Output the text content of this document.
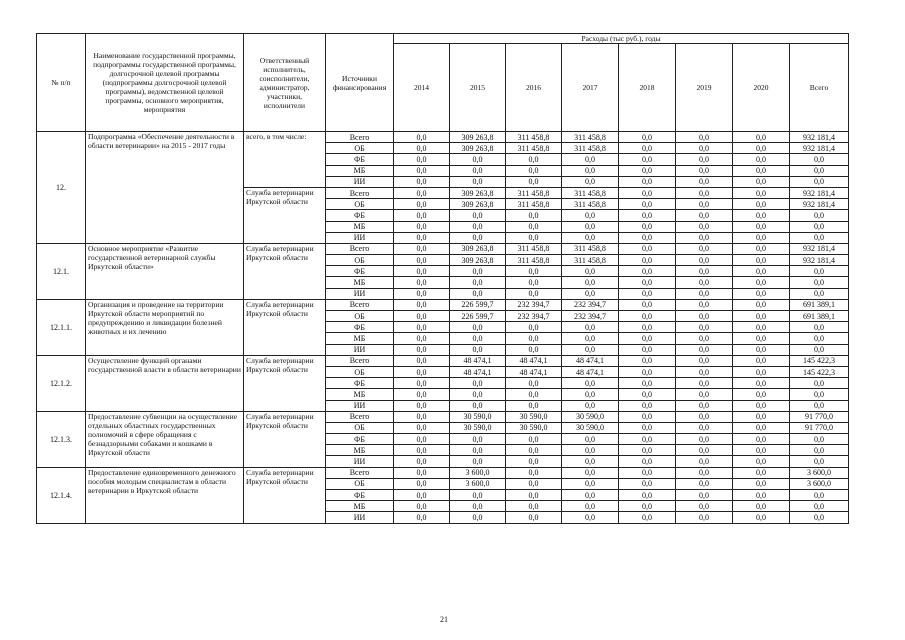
№ п/п	Наименование государственной программы, подпрограммы государственной программы, долгосрочной целевой программы (подпрограммы долгосрочной целевой программы), ведомственной целевой программы, основного мероприятия, мероприятия	Ответственный исполнитель, соисполнители, администратор, участники, исполнители	Источники финансирования	Расходы (тыс руб.), годы							
				2014	2015	2016	2017	2018	2019	2020	Всего
12.	Подпрограмма «Обеспечение деятельности в области ветеринарии» на 2015 - 2017 годы	всего, в том числе:	Всего	0,0	309 263,8	311 458,8	311 458,8	0,0	0,0	0,0	932 181,4
			ОБ	0,0	309 263,8	311 458,8	311 458,8	0,0	0,0	0,0	932 181,4
			ФБ	0,0	0,0	0,0	0,0	0,0	0,0	0,0	0,0
			МБ	0,0	0,0	0,0	0,0	0,0	0,0	0,0	0,0
			ИИ	0,0	0,0	0,0	0,0	0,0	0,0	0,0	0,0
		Служба ветеринарии Иркутской области	Всего	0,0	309 263,8	311 458,8	311 458,8	0,0	0,0	0,0	932 181,4
			ОБ	0,0	309 263,8	311 458,8	311 458,8	0,0	0,0	0,0	932 181,4
			ФБ	0,0	0,0	0,0	0,0	0,0	0,0	0,0	0,0
			МБ	0,0	0,0	0,0	0,0	0,0	0,0	0,0	0,0
			ИИ	0,0	0,0	0,0	0,0	0,0	0,0	0,0	0,0
12.1.	Основное мероприятие «Развитие государственной ветеринарной службы Иркутской области»	Служба ветеринарии Иркутской области	Всего	0,0	309 263,8	311 458,8	311 458,8	0,0	0,0	0,0	932 181,4
			ОБ	0,0	309 263,8	311 458,8	311 458,8	0,0	0,0	0,0	932 181,4
			ФБ	0,0	0,0	0,0	0,0	0,0	0,0	0,0	0,0
			МБ	0,0	0,0	0,0	0,0	0,0	0,0	0,0	0,0
			ИИ	0,0	0,0	0,0	0,0	0,0	0,0	0,0	0,0
12.1.1.	Организация и проведение на территории Иркутской области мероприятий по предупреждению и ликвидации болезней животных и их лечению	Служба ветеринарии Иркутской области	Всего	0,0	226 599,7	232 394,7	232 394,7	0,0	0,0	0,0	691 389,1
			ОБ	0,0	226 599,7	232 394,7	232 394,7	0,0	0,0	0,0	691 389,1
			ФБ	0,0	0,0	0,0	0,0	0,0	0,0	0,0	0,0
			МБ	0,0	0,0	0,0	0,0	0,0	0,0	0,0	0,0
			ИИ	0,0	0,0	0,0	0,0	0,0	0,0	0,0	0,0
12.1.2.	Осуществление функций органами государственной власти в области ветеринарии	Служба ветеринарии Иркутской области	Всего	0,0	48 474,1	48 474,1	48 474,1	0,0	0,0	0,0	145 422,3
			ОБ	0,0	48 474,1	48 474,1	48 474,1	0,0	0,0	0,0	145 422,3
			ФБ	0,0	0,0	0,0	0,0	0,0	0,0	0,0	0,0
			МБ	0,0	0,0	0,0	0,0	0,0	0,0	0,0	0,0
			ИИ	0,0	0,0	0,0	0,0	0,0	0,0	0,0	0,0
12.1.3.	Предоставление субвенции на осуществление отдельных областных государственных полномочий в сфере обращения с безнадзорными собаками и кошками в Иркутской области	Служба ветеринарии Иркутской области	Всего	0,0	30 590,0	30 590,0	30 590,0	0,0	0,0	0,0	91 770,0
			ОБ	0,0	30 590,0	30 590,0	30 590,0	0,0	0,0	0,0	91 770,0
			ФБ	0,0	0,0	0,0	0,0	0,0	0,0	0,0	0,0
			МБ	0,0	0,0	0,0	0,0	0,0	0,0	0,0	0,0
			ИИ	0,0	0,0	0,0	0,0	0,0	0,0	0,0	0,0
12.1.4.	Предоставление единовременного денежного пособия молодым специалистам в области ветеринарии в Иркутской области	Служба ветеринарии Иркутской области	Всего	0,0	3 600,0	0,0	0,0	0,0	0,0	0,0	3 600,0
			ОБ	0,0	3 600,0	0,0	0,0	0,0	0,0	0,0	3 600,0
			ФБ	0,0	0,0	0,0	0,0	0,0	0,0	0,0	0,0
			МБ	0,0	0,0	0,0	0,0	0,0	0,0	0,0	0,0
			ИИ	0,0	0,0	0,0	0,0	0,0	0,0	0,0	0,0
21
